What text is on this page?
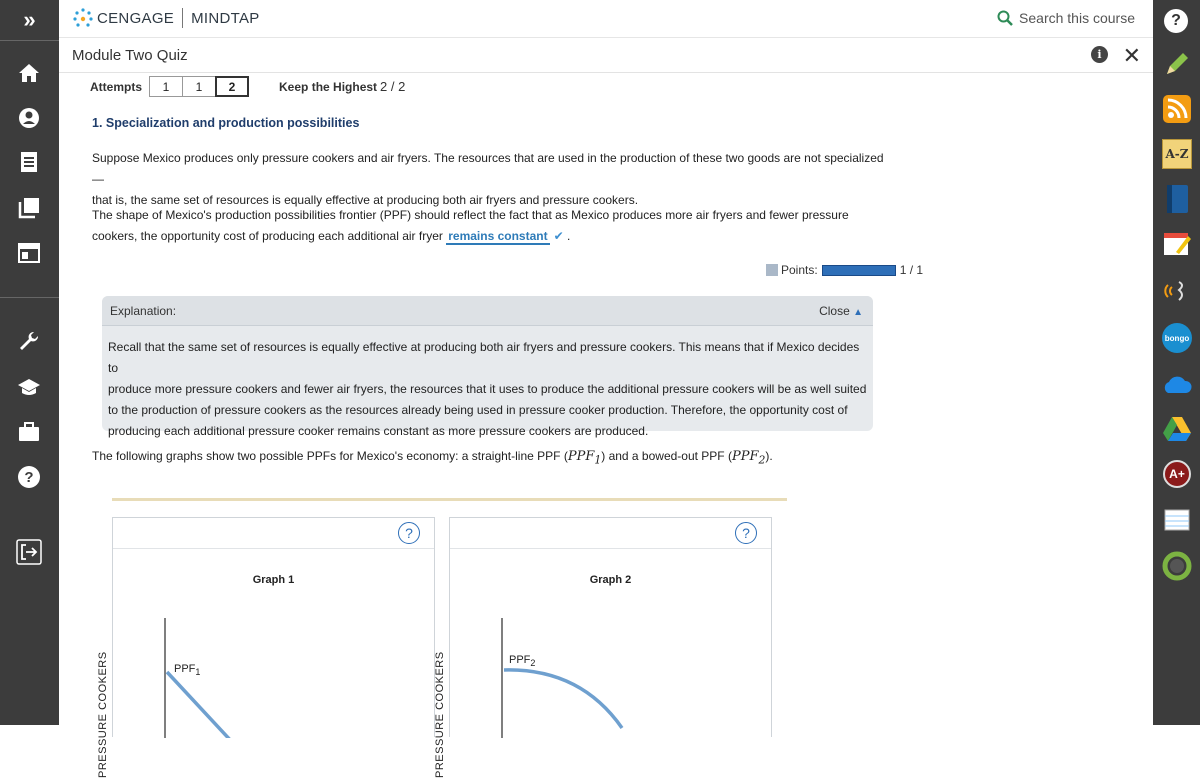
»
?
CENGAGE MINDTAP	Search this course
Module Two Quiz	i ✕
?
A-Z
bongo
A+
Attempts	1	1	2	Keep the Highest 2 / 2
1. Specialization and production possibilities
Suppose Mexico produces only pressure cookers and air fryers. The resources that are used in the production of these two goods are not specialized—
that is, the same set of resources is equally effective at producing both air fryers and pressure cookers.
The shape of Mexico's production possibilities frontier (PPF) should reflect the fact that as Mexico produces more air fryers and fewer pressure
cookers, the opportunity cost of producing each additional air fryer remains constant ✔ .
Points:	1 / 1
Explanation:	Close ▲
Recall that the same set of resources is equally effective at producing both air fryers and pressure cookers. This means that if Mexico decides to
produce more pressure cookers and fewer air fryers, the resources that it uses to produce the additional pressure cookers will be as well suited
to the production of pressure cookers as the resources already being used in pressure cooker production. Therefore, the opportunity cost of
producing each additional pressure cooker remains constant as more pressure cookers are produced.
The following graphs show two possible PPFs for Mexico's economy: a straight-line PPF $(PPF_1)$ and a bowed-out PPF $(PPF_2)$.
?
Graph 1
$PPF_1$
PRESSURE COOKERS
?
Graph 2
$PPF_2$
PRESSURE COOKERS
